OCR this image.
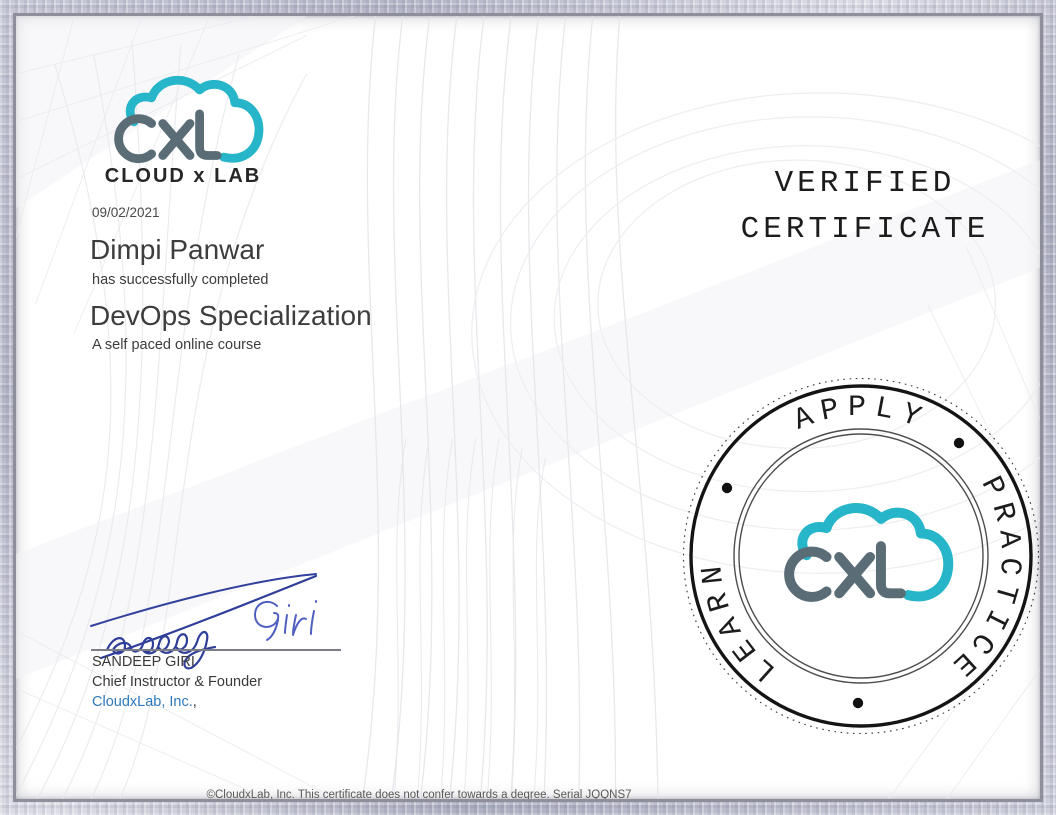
CLOUD x LAB
09/02/2021
Dimpi Panwar
has successfully completed
DevOps Specialization
A self paced online course
VERIFIED
CERTIFICATE
APPLY
PRACTICE
LEARN
SANDEEP GIRI
Chief Instructor & Founder
CloudxLab, Inc.,
©CloudxLab, Inc. This certificate does not confer towards a degree. Serial JQQNS7
